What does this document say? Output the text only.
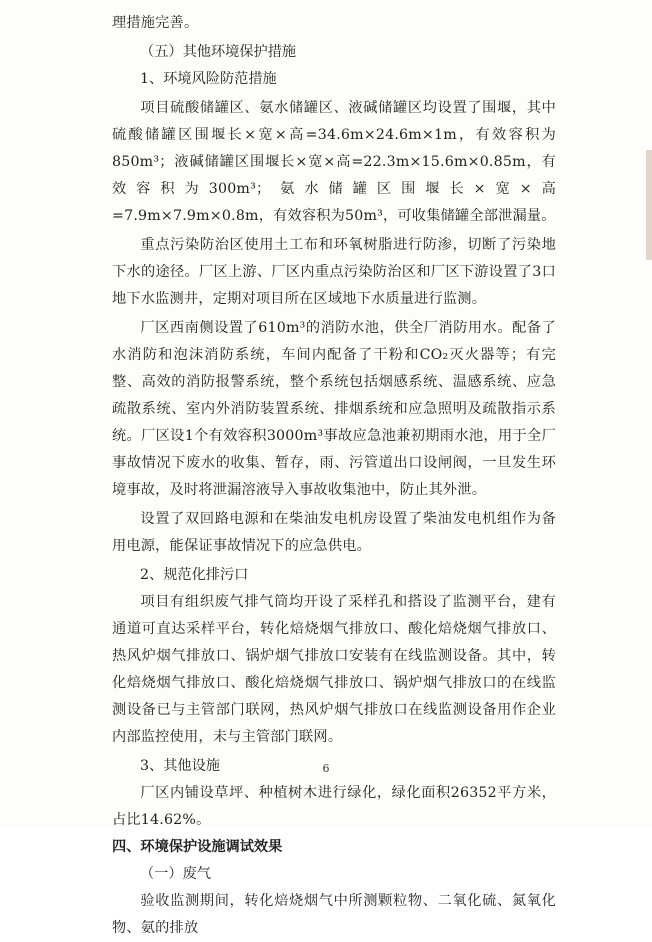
理措施完善。

（五）其他环境保护措施

1、环境风险防范措施

项目硫酸储罐区、氨水储罐区、液碱储罐区均设置了围堰，其中硫酸储罐区围堰长×宽×高=34.6m×24.6m×1m，有效容积为850m³；液碱储罐区围堰长×宽×高=22.3m×15.6m×0.85m，有效容积为300m³；氨水储罐区围堰长×宽×高=7.9m×7.9m×0.8m，有效容积为50m³，可收集储罐全部泄漏量。

重点污染防治区使用土工布和环氧树脂进行防渗，切断了污染地下水的途径。厂区上游、厂区内重点污染防治区和厂区下游设置了3口地下水监测井，定期对项目所在区域地下水质量进行监测。

厂区西南侧设置了610m³的消防水池，供全厂消防用水。配备了水消防和泡沫消防系统，车间内配备了干粉和CO₂灭火器等；有完整、高效的消防报警系统，整个系统包括烟感系统、温感系统、应急疏散系统、室内外消防装置系统、排烟系统和应急照明及疏散指示系统。厂区设1个有效容积3000m³事故应急池兼初期雨水池，用于全厂事故情况下废水的收集、暂存，雨、污管道出口设闸阀，一旦发生环境事故，及时将泄漏溶液导入事故收集池中，防止其外泄。

设置了双回路电源和在柴油发电机房设置了柴油发电机组作为备用电源，能保证事故情况下的应急供电。

2、规范化排污口

项目有组织废气排气筒均开设了采样孔和搭设了监测平台，建有通道可直达采样平台，转化焙烧烟气排放口、酸化焙烧烟气排放口、热风炉烟气排放口、锅炉烟气排放口安装有在线监测设备。其中，转化焙烧烟气排放口、酸化焙烧烟气排放口、锅炉烟气排放口的在线监测设备已与主管部门联网，热风炉烟气排放口在线监测设备用作企业内部监控使用，未与主管部门联网。

3、其他设施

厂区内铺设草坪、种植树木进行绿化，绿化面积26352平方米，占比14.62%。

四、环境保护设施调试效果

（一）废气

验收监测期间，转化焙烧烟气中所测颗粒物、二氧化硫、氮氧化物、氨的排放

6
